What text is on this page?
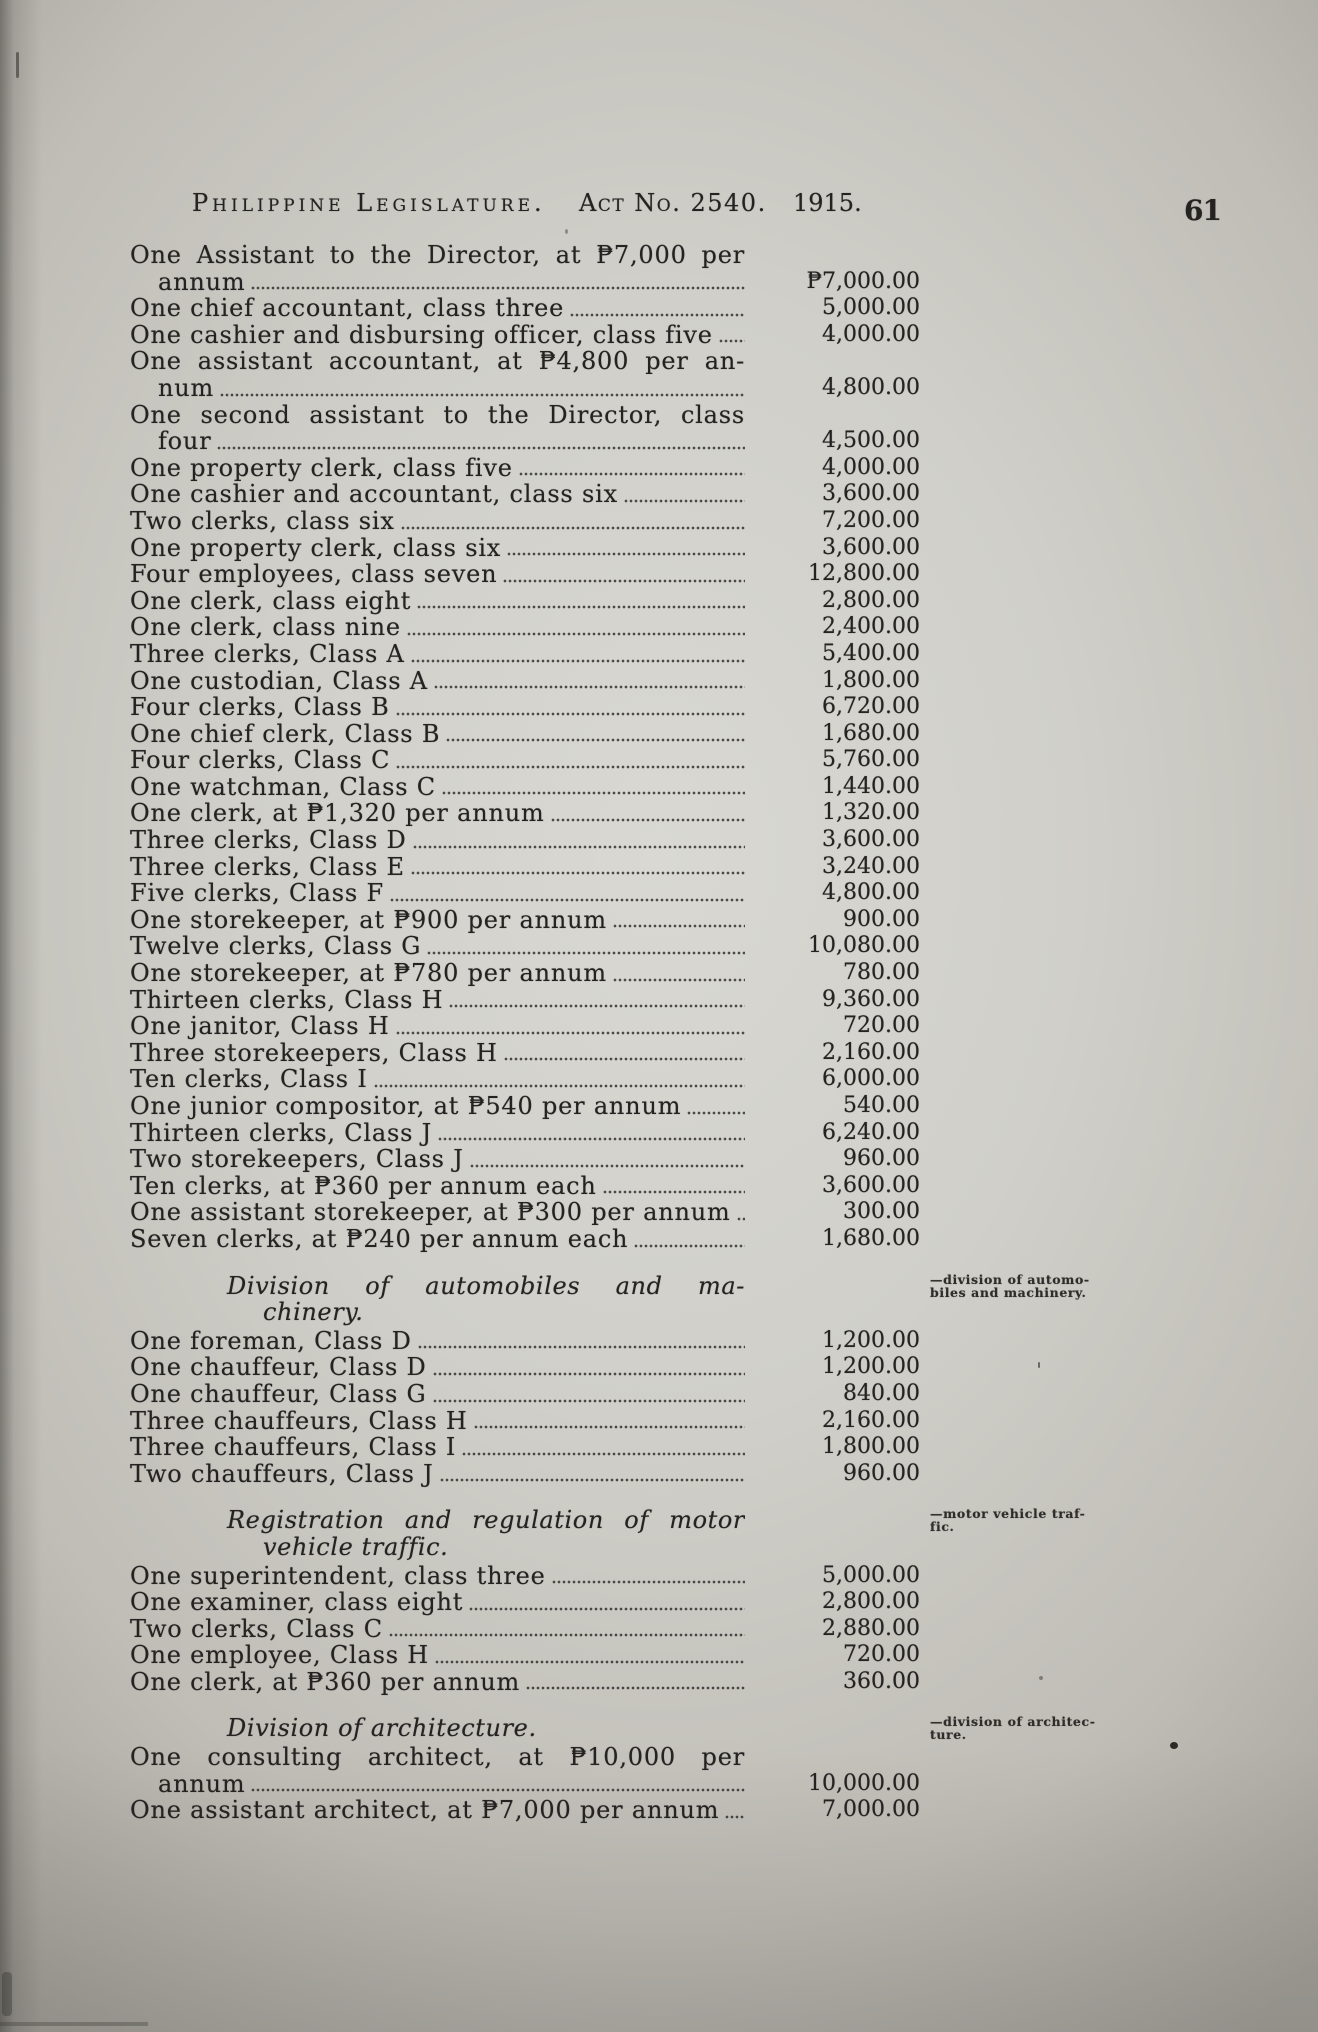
Philippine Legislature. Act No. 2540. 1915.	61
One Assistant to the Director, at ₱7,000 per
annum	₱7,000.00
One chief accountant, class three	5,000.00
One cashier and disbursing officer, class five	4,000.00
One assistant accountant, at ₱4,800 per an-
num	4,800.00
One second assistant to the Director, class
four	4,500.00
One property clerk, class five	4,000.00
One cashier and accountant, class six	3,600.00
Two clerks, class six	7,200.00
One property clerk, class six	3,600.00
Four employees, class seven	12,800.00
One clerk, class eight	2,800.00
One clerk, class nine	2,400.00
Three clerks, Class A	5,400.00
One custodian, Class A	1,800.00
Four clerks, Class B	6,720.00
One chief clerk, Class B	1,680.00
Four clerks, Class C	5,760.00
One watchman, Class C	1,440.00
One clerk, at ₱1,320 per annum	1,320.00
Three clerks, Class D	3,600.00
Three clerks, Class E	3,240.00
Five clerks, Class F	4,800.00
One storekeeper, at ₱900 per annum	900.00
Twelve clerks, Class G	10,080.00
One storekeeper, at ₱780 per annum	780.00
Thirteen clerks, Class H	9,360.00
One janitor, Class H	720.00
Three storekeepers, Class H	2,160.00
Ten clerks, Class I	6,000.00
One junior compositor, at ₱540 per annum	540.00
Thirteen clerks, Class J	6,240.00
Two storekeepers, Class J	960.00
Ten clerks, at ₱360 per annum each	3,600.00
One assistant storekeeper, at ₱300 per annum	300.00
Seven clerks, at ₱240 per annum each	1,680.00
Division of automobiles and ma-
chinery.
—division of automo-
biles and machinery.
One foreman, Class D	1,200.00
One chauffeur, Class D	1,200.00
One chauffeur, Class G	840.00
Three chauffeurs, Class H	2,160.00
Three chauffeurs, Class I	1,800.00
Two chauffeurs, Class J	960.00
Registration and regulation of motor
vehicle traffic.
—motor vehicle traf-
fic.
One superintendent, class three	5,000.00
One examiner, class eight	2,800.00
Two clerks, Class C	2,880.00
One employee, Class H	720.00
One clerk, at ₱360 per annum	360.00
Division of architecture.	—division of architec-
ture.
One consulting architect, at ₱10,000 per
annum	10,000.00
One assistant architect, at ₱7,000 per annum	7,000.00
